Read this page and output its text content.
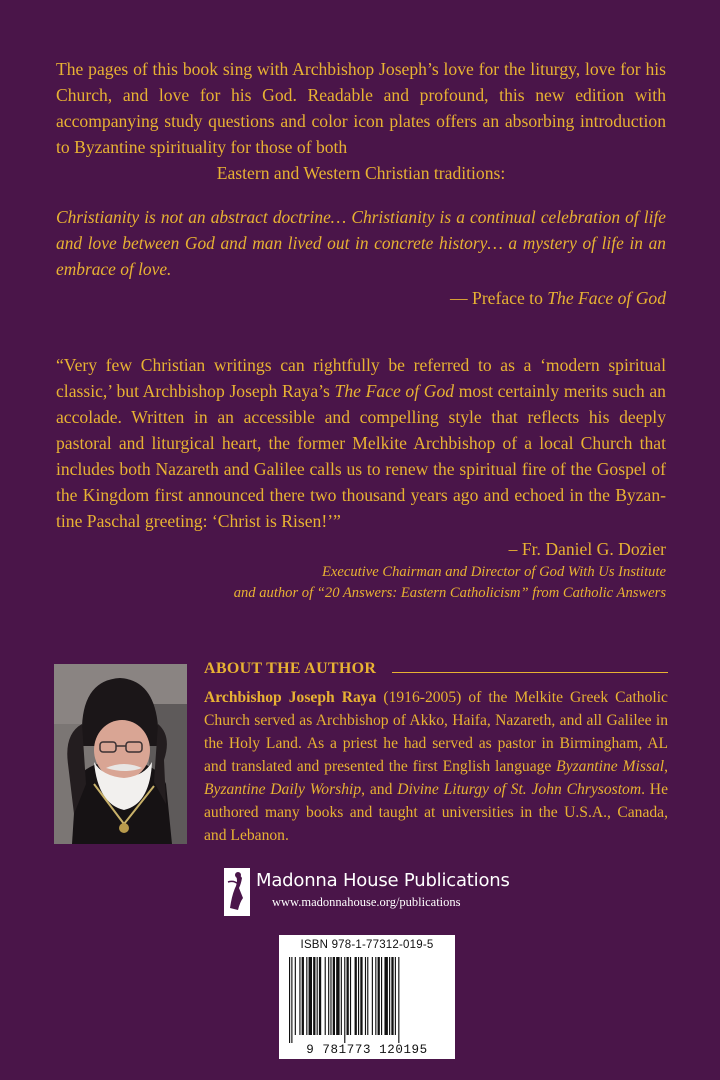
The pages of this book sing with Archbishop Joseph’s love for the liturgy, love for his Church, and love for his God. Readable and profound, this new edition with accompanying study questions and color icon plates offers an absorbing introduction to Byzantine spirituality for those of both
Eastern and Western Christian traditions:

Christianity is not an abstract doctrine… Christianity is a continual celebration of life and love between God and man lived out in concrete history… a mystery of life in an embrace of love.

— Preface to The Face of God

“Very few Christian writings can rightfully be referred to as a ‘modern spiritual classic,’ but Archbishop Joseph Raya’s The Face of God most certainly merits such an accolade. Written in an accessible and compelling style that reflects his deeply pastoral and liturgical heart, the former Melkite Archbishop of a local Church that includes both Nazareth and Galilee calls us to renew the spiritual fire of the Gospel of the Kingdom first announced there two thousand years ago and echoed in the Byzantine Paschal greeting: ‘Christ is Risen!’”

– Fr. Daniel G. Dozier

Executive Chairman and Director of God With Us Institute
and author of “20 Answers: Eastern Catholicism” from Catholic Answers

ABOUT THE AUTHOR

Archbishop Joseph Raya (1916-2005) of the Melkite Greek Catholic Church served as Archbishop of Akko, Haifa, Nazareth, and all Galilee in the Holy Land. As a priest he had served as pastor in Birmingham, AL and translated and presented the first English language Byzantine Missal, Byzantine Daily Worship, and Divine Liturgy of St. John Chrysostom. He authored many books and taught at universities in the U.S.A., Canada, and Lebanon.

Madonna House Publications
www.madonnahouse.org/publications
ISBN 978-1-77312-019-5
9 781773 120195
